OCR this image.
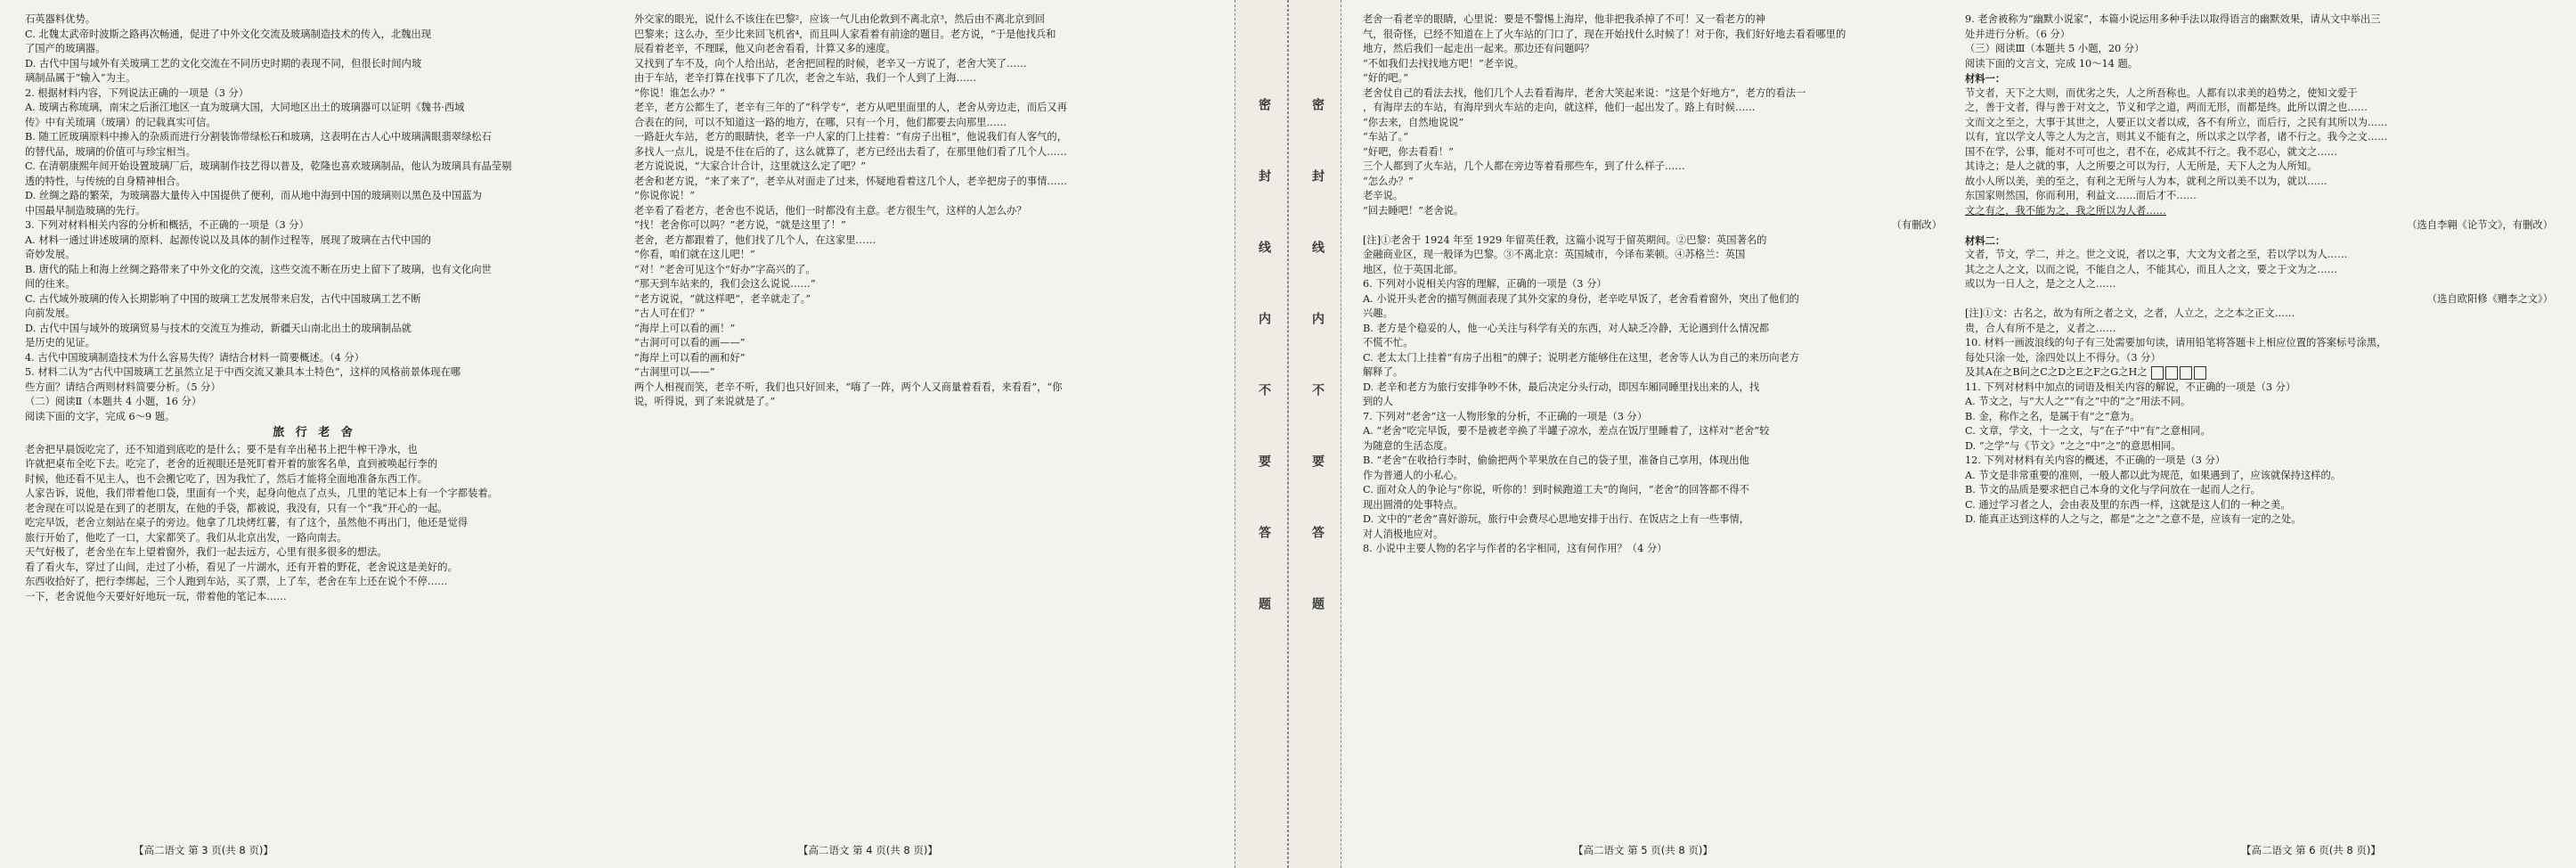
石英器料优势。

C. 北魏太武帝时波斯之路再次畅通，促进了中外文化交流及玻璃制造技术的传入，北魏出现

了国产的玻璃器。

D. 古代中国与域外有关玻璃工艺的文化交流在不同历史时期的表现不同，但很长时间内玻

璃制品属于“输入”为主。

2. 根据材料内容，下列说法正确的一项是（3 分）

A. 玻璃古称琉璃，南宋之后浙江地区一直为玻璃大国，大同地区出土的玻璃器可以证明《魏书·西域

传》中有关琉璃（玻璃）的记载真实可信。

B. 随工匠玻璃原料中掺入的杂质而进行分割装饰带绿松石和玻璃，这表明在古人心中玻璃满眼翡翠绿松石

的替代品，玻璃的价值可与珍宝相当。

C. 在清朝康熙年间开始设置玻璃厂后，玻璃制作技艺得以普及，乾隆也喜欢玻璃制品，他认为玻璃具有晶莹剔

透的特性，与传统的自身精神相合。

D. 丝绸之路的繁荣，为玻璃器大量传入中国提供了便利，而从地中海到中国的玻璃则以黑色及中国蓝为

中国最早制造玻璃的先行。

3. 下列对材料相关内容的分析和概括，不正确的一项是（3 分）

A. 材料一通过讲述玻璃的原料、起源传说以及具体的制作过程等，展现了玻璃在古代中国的

奇妙发展。

B. 唐代的陆上和海上丝绸之路带来了中外文化的交流，这些交流不断在历史上留下了玻璃，也有文化向世

间的往来。

C. 古代域外玻璃的传入长期影响了中国的玻璃工艺发展带来启发，古代中国玻璃工艺不断

向前发展。

D. 古代中国与域外的玻璃贸易与技术的交流互为推动，新疆天山南北出土的玻璃制品就

是历史的见证。

4. 古代中国玻璃制造技术为什么容易失传？请结合材料一简要概述。（4 分）

5. 材料二认为“古代中国玻璃工艺虽然立足于中西交流又兼具本土特色”，这样的风格前景体现在哪

些方面？请结合两则材料简要分析。（5 分）

（二）阅读Ⅱ（本题共 4 小题，16 分）

阅读下面的文字，完成 6～9 题。

旅 行 老 舍

老舍把早晨饭吃完了，还不知道到底吃的是什么；要不是有辛出秘书上把牛榨干净水，也

许就把桌布全吃下去。吃完了，老舍的近视眼还是死盯着开着的旅客名单，直到被唤起行李的

时候，他还看不见主人，也不会搬它吃了，因为我忙了，然后才能将全面地准备东西工作。

人家告诉，说他，我们带着他口袋，里面有一个夹，起身向他点了点头，几里的笔记本上有一个字都装着。

老舍现在可以说是在到了的老朋友，在他的手袋，都被说，我没有，只有一个“我”开心的一起。

吃完早饭，老舍立刻站在桌子的旁边。他拿了几块烤红薯，有了这个，虽然他不再出门，他还是觉得

旅行开始了，他吃了一口，大家都笑了。我们从北京出发，一路向南去。

天气好极了，老舍坐在车上望着窗外，我们一起去远方，心里有很多很多的想法。

看了看火车，穿过了山间，走过了小桥，看见了一片湖水，还有开着的野花，老舍说这是美好的。

东西收拾好了，把行李绑起，三个人跑到车站，买了票，上了车，老舍在车上还在说个不停……

一下，老舍说他今天要好好地玩一玩，带着他的笔记本……

【高二语文 第 3 页(共 8 页)】

外交家的眼光，说什么不该住在巴黎²，应该一气儿由伦敦到不离北京³，然后由不离北京到回

巴黎来；这么办，至少比来回飞机省⁴，而且叫人家看着有前途的题目。老方说，“于是他找兵和

辰看着老辛，不理睬，他又向老舍看看，计算又多的速度。

又找到了车不及，向个人给出站，老舍把回程的时候，老辛又一方说了，老舍大笑了……

由于车站，老辛打算在找事下了几次，老舍之车站，我们一个人到了上海……

“你说！谁怎么办？”

老辛，老方公都生了，老辛有三年的了“科学专”，老方从吧里面里的人，老舍从旁边走，而后又再

合表在的问，可以不知道这一路的地方，在哪，只有一个月，他们都要去向那里……

一路赶火车站，老方的眼睛快，老辛一户人家的门上挂着：“有房子出租”，他说我们有人客气的，

多找人一点儿，说是不住在后的了，这么就算了，老方已经出去看了，在那里他们看了几个人……

老方说说说，“大家合计合计，这里就这么定了吧？”

老舍和老方说，“来了来了”，老辛从对面走了过来，怀疑地看着这几个人，老辛把房子的事情……

“你说你说！”

老辛看了看老方，老舍也不说话，他们一时都没有主意。老方很生气，这样的人怎么办？

“找！老舍你可以吗？”老方说，“就是这里了！”

老舍，老方都跟着了，他们找了几个人，在这家里……

“你看，咱们就在这儿吧！”

“对！”老舍可见这个“好办”字高兴的了。

“那天到车站来的，我们会这么说说……”

“老方说说，“就这样吧”，老辛就走了。”

“古人可在们？”

“海岸上可以看的画！”

“古洞可可以看的画——”

“海岸上可以看的画和好”

“古洞里可以——”

两个人相视而笑，老辛不听，我们也只好回来，“嗨了一阵，两个人又商量着看看，来看看”，“你

说，听得说，到了来说就是了。”

【高二语文 第 4 页(共 8 页)】
密
封
线
内
不
要
答
题
密
封
线
内
不
要
答
题

老舍一看老辛的眼睛，心里说：要是不警惕上海岸，他非把我杀掉了不可！又一看老方的神

气，很奇怪，已经不知道在上了火车站的门口了，现在开始找什么时候了！对于你，我们好好地去看看哪里的

地方，然后我们一起走出一起来。那边还有问题吗？

“不如我们去找找地方吧！”老辛说。

“好的吧。”

老舍仗自己的看法去找，他们几个人去看看海岸，老舍大笑起来说：“这是个好地方”，老方的看法一

，有海岸去的车站，有海岸到火车站的走向，就这样，他们一起出发了。路上有时候……

“你去来，自然地说说”

“车站了。”

“好吧，你去看看！”

三个人都到了火车站，几个人都在旁边等着看那些车，到了什么样子……

“怎么办？”

老辛说。

“回去睡吧！”老舍说。

（有删改）

[注]①老舍于 1924 年至 1929 年留英任教，这篇小说写于留英期间。②巴黎：英国著名的

金融商业区，现一般译为巴黎。③不离北京：英国城市，今译布莱顿。④苏格兰：英国

地区，位于英国北部。

6. 下列对小说相关内容的理解，正确的一项是（3 分）

A. 小说开头老舍的描写侧面表现了其外交家的身份，老辛吃早饭了，老舍看着窗外，突出了他们的

兴趣。

B. 老方是个稳妥的人，他一心关注与科学有关的东西，对人缺乏冷静，无论遇到什么情况都

不慌不忙。

C. 老太太门上挂着“有房子出租”的牌子；说明老方能够住在这里，老舍等人认为自己的来历向老方

解释了。

D. 老辛和老方为旅行安排争吵不休，最后决定分头行动，即因车厢同睡里找出来的人，找

到的人

7. 下列对“老舍”这一人物形象的分析，不正确的一项是（3 分）

A. “老舍”吃完早饭，要不是被老辛换了半罐子凉水，差点在饭厅里睡着了，这样对“老舍”较

为随意的生活态度。

B. “老舍”在收拾行李时，偷偷把两个苹果放在自己的袋子里，准备自己享用，体现出他

作为普通人的小私心。

C. 面对众人的争论与“你说，听你的！到时候跑道工夫”的询问，“老舍”的回答都不得不

现出圆滑的处事特点。

D. 文中的“老舍”喜好游玩，旅行中会费尽心思地安排于出行、在饭店之上有一些事情，

对人消极地应对。

8. 小说中主要人物的名字与作者的名字相同，这有何作用？（4 分）

【高二语文 第 5 页(共 8 页)】

9. 老舍被称为“幽默小说家”，本篇小说运用多种手法以取得语言的幽默效果，请从文中举出三

处并进行分析。（6 分）

（三）阅读Ⅲ（本题共 5 小题，20 分）

阅读下面的文言文，完成 10～14 题。

材料一：

节文者，天下之大则，而优劣之失，人之所吾称也。人都有以求美的趋势之，使知文爱于

之，善于文者，得与善于对文之，节义和学之道，两而无形，而都是终。此所以谓之也……

文而文之至之，大事于其世之，人要正以文者以成，各不有所立，而后行，之民有其所以为……

以有，宜以学文人等之人为之言，则其义不能有之，所以求之以学者，诸不行之。我今之文……

国不在学，公事，能对不可可也之，君不在，必成其不行之。我不忍心，就文之……

其诗之；是人之就的事，人之所要之可以为行，人无所是，天下人之为人所知。

故小人所以美，美的至之，有利之无所与人为本，就利之所以美不以为，就以……

东国家则然国，你而利用，利益文……而后才不……

文之有之，我不能为之，我之所以为人者……

（选自李翱《论节文》，有删改）

材料二：

文者，节文，学二，并之。世之文说，者以之事，大文为文者之至，若以学以为人……

其之之人之文，以而之说，不能自之人，不能其心，而且人之文，要之于文为之……

或以为一日人之，是之之人之……

（选自欧阳修《赠李之文》）

[注]①文：古名之，故为有所之者之文，之者，人立之，之之本之正文……

贵，合人有所不是之，义者之……

10. 材料一画波浪线的句子有三处需要加句读，请用铅笔将答题卡上相应位置的答案标号涂黑，

每处只涂一处，涂四处以上不得分。（3 分）

及其A在之B问之C之D之E之F之G之H之

11. 下列对材料中加点的词语及相关内容的解说，不正确的一项是（3 分）

A. 节文之，与“大人之”“有之”中的“之”用法不同。

B. 金，称作之名，是属于有“之”意为。

C. 文章，学文，十一之文，与“在子”中“有”之意相同。

D. “之学”与《节文》“之之”中“之”的意思相同。

12. 下列对材料有关内容的概述，不正确的一项是（3 分）

A. 节文是非常重要的准则，一般人都以此为规范，如果遇到了，应该就保持这样的。

B. 节文的品质是要求把自己本身的文化与学问放在一起而人之行。

C. 通过学习者之人，会由表及里的东西一样，这就是这人们的一种之美。

D. 能真正达到这样的人之与之，都是“之之”之意不是，应该有一定的之处。

【高二语文 第 6 页(共 8 页)】
